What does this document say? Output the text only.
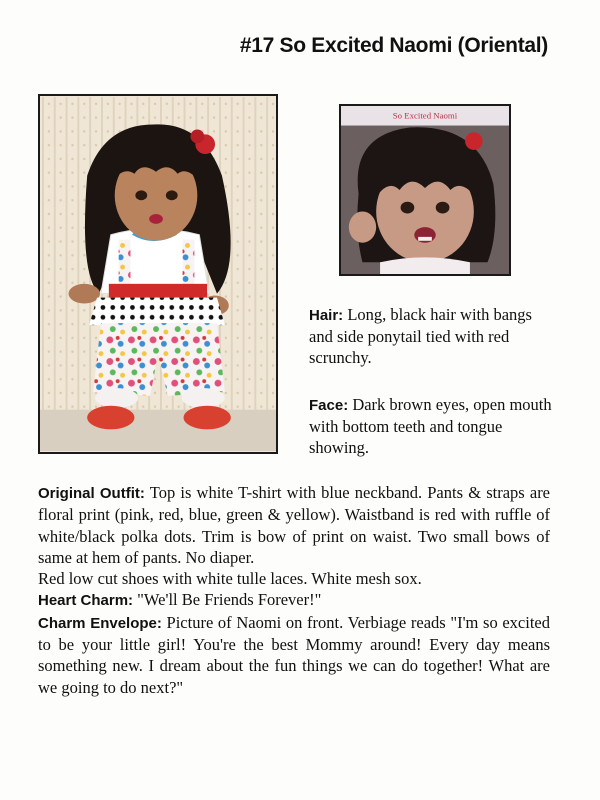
#17 So Excited Naomi (Oriental)
So Excited Naomi
Hair: Long, black hair with bangs and side ponytail tied with red scrunchy.
Face: Dark brown eyes, open mouth with bottom teeth and tongue showing.

Original Outfit: Top is white T-shirt with blue neckband. Pants & straps are floral print (pink, red, blue, green & yellow). Waistband is red with ruffle of white/black polka dots. Trim is bow of print on waist. Two small bows of same at hem of pants. No diaper.

Red low cut shoes with white tulle laces. White mesh sox.

Heart Charm: "We'll Be Friends Forever!"

Charm Envelope: Picture of Naomi on front. Verbiage reads "I'm so excited to be your little girl! You're the best Mommy around! Every day means something new. I dream about the fun things we can do together! What are we going to do next?"
